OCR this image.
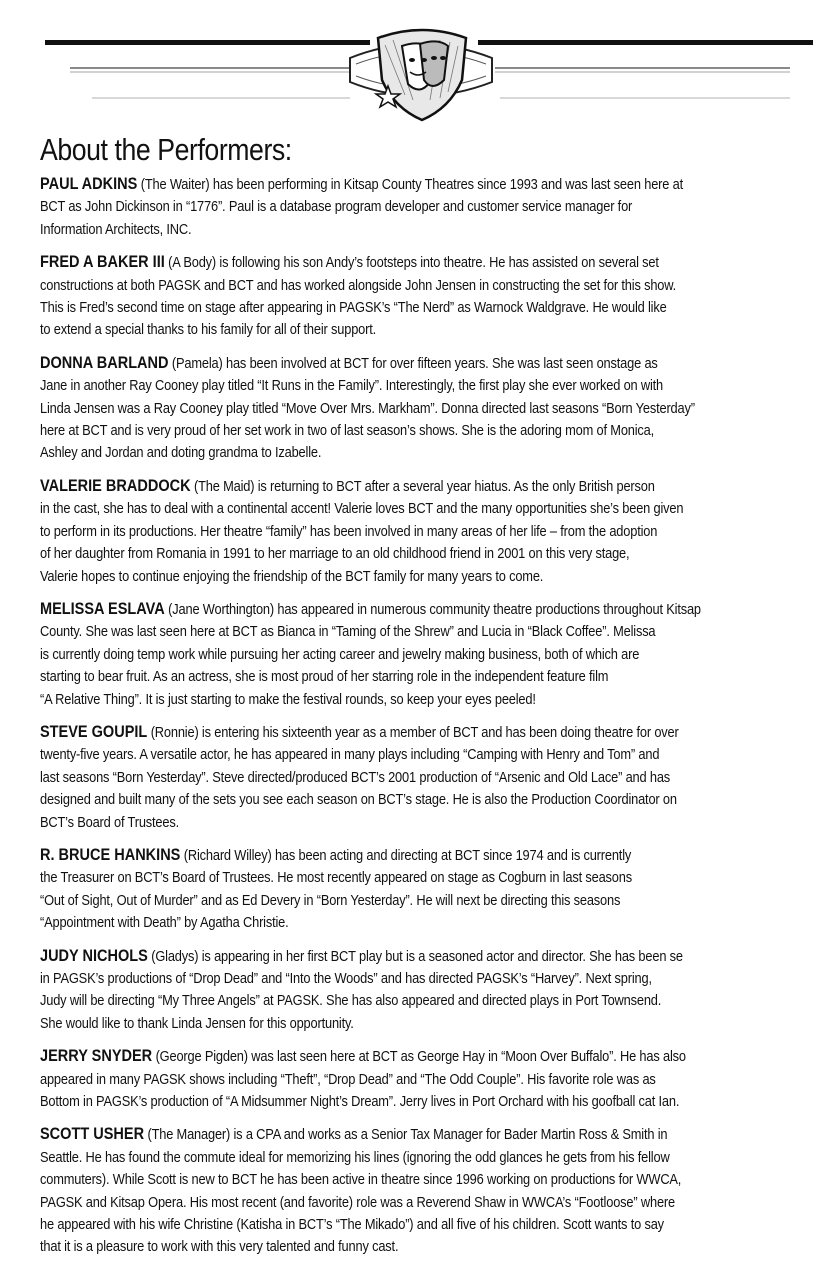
About the Performers:

PAUL ADKINS (The Waiter) has been performing in Kitsap County Theatres since 1993 and was last seen here at
BCT as John Dickinson in “1776”. Paul is a database program developer and customer service manager for
Information Architects, INC.

FRED A BAKER III (A Body) is following his son Andy’s footsteps into theatre. He has assisted on several set
constructions at both PAGSK and BCT and has worked alongside John Jensen in constructing the set for this show.
This is Fred’s second time on stage after appearing in PAGSK’s “The Nerd” as Warnock Waldgrave. He would like
to extend a special thanks to his family for all of their support.

DONNA BARLAND (Pamela) has been involved at BCT for over fifteen years. She was last seen onstage as
Jane in another Ray Cooney play titled “It Runs in the Family”. Interestingly, the first play she ever worked on with
Linda Jensen was a Ray Cooney play titled “Move Over Mrs. Markham”. Donna directed last seasons “Born Yesterday”
here at BCT and is very proud of her set work in two of last season’s shows. She is the adoring mom of Monica,
Ashley and Jordan and doting grandma to Izabelle.

VALERIE BRADDOCK (The Maid) is returning to BCT after a several year hiatus. As the only British person
in the cast, she has to deal with a continental accent! Valerie loves BCT and the many opportunities she’s been given
to perform in its productions. Her theatre “family” has been involved in many areas of her life – from the adoption
of her daughter from Romania in 1991 to her marriage to an old childhood friend in 2001 on this very stage,
Valerie hopes to continue enjoying the friendship of the BCT family for many years to come.

MELISSA ESLAVA (Jane Worthington) has appeared in numerous community theatre productions throughout Kitsap
County. She was last seen here at BCT as Bianca in “Taming of the Shrew” and Lucia in “Black Coffee”. Melissa
is currently doing temp work while pursuing her acting career and jewelry making business, both of which are
starting to bear fruit. As an actress, she is most proud of her starring role in the independent feature film
“A Relative Thing”. It is just starting to make the festival rounds, so keep your eyes peeled!

STEVE GOUPIL (Ronnie) is entering his sixteenth year as a member of BCT and has been doing theatre for over
twenty-five years. A versatile actor, he has appeared in many plays including “Camping with Henry and Tom” and
last seasons “Born Yesterday”. Steve directed/produced BCT’s 2001 production of “Arsenic and Old Lace” and has
designed and built many of the sets you see each season on BCT’s stage. He is also the Production Coordinator on
BCT’s Board of Trustees.

R. BRUCE HANKINS (Richard Willey) has been acting and directing at BCT since 1974 and is currently
the Treasurer on BCT’s Board of Trustees. He most recently appeared on stage as Cogburn in last seasons
“Out of Sight, Out of Murder” and as Ed Devery in “Born Yesterday”. He will next be directing this seasons
“Appointment with Death” by Agatha Christie.

JUDY NICHOLS (Gladys) is appearing in her first BCT play but is a seasoned actor and director. She has been se
in PAGSK’s productions of “Drop Dead” and “Into the Woods” and has directed PAGSK’s “Harvey”. Next spring,
Judy will be directing “My Three Angels” at PAGSK. She has also appeared and directed plays in Port Townsend.
She would like to thank Linda Jensen for this opportunity.

JERRY SNYDER (George Pigden) was last seen here at BCT as George Hay in “Moon Over Buffalo”. He has also
appeared in many PAGSK shows including “Theft”, “Drop Dead” and “The Odd Couple”. His favorite role was as
Bottom in PAGSK’s production of “A Midsummer Night’s Dream”. Jerry lives in Port Orchard with his goofball cat Ian.

SCOTT USHER (The Manager) is a CPA and works as a Senior Tax Manager for Bader Martin Ross & Smith in
Seattle. He has found the commute ideal for memorizing his lines (ignoring the odd glances he gets from his fellow
commuters). While Scott is new to BCT he has been active in theatre since 1996 working on productions for WWCA,
PAGSK and Kitsap Opera. His most recent (and favorite) role was a Reverend Shaw in WWCA’s “Footloose” where
he appeared with his wife Christine (Katisha in BCT’s “The Mikado”) and all five of his children. Scott wants to say
that it is a pleasure to work with this very talented and funny cast.
